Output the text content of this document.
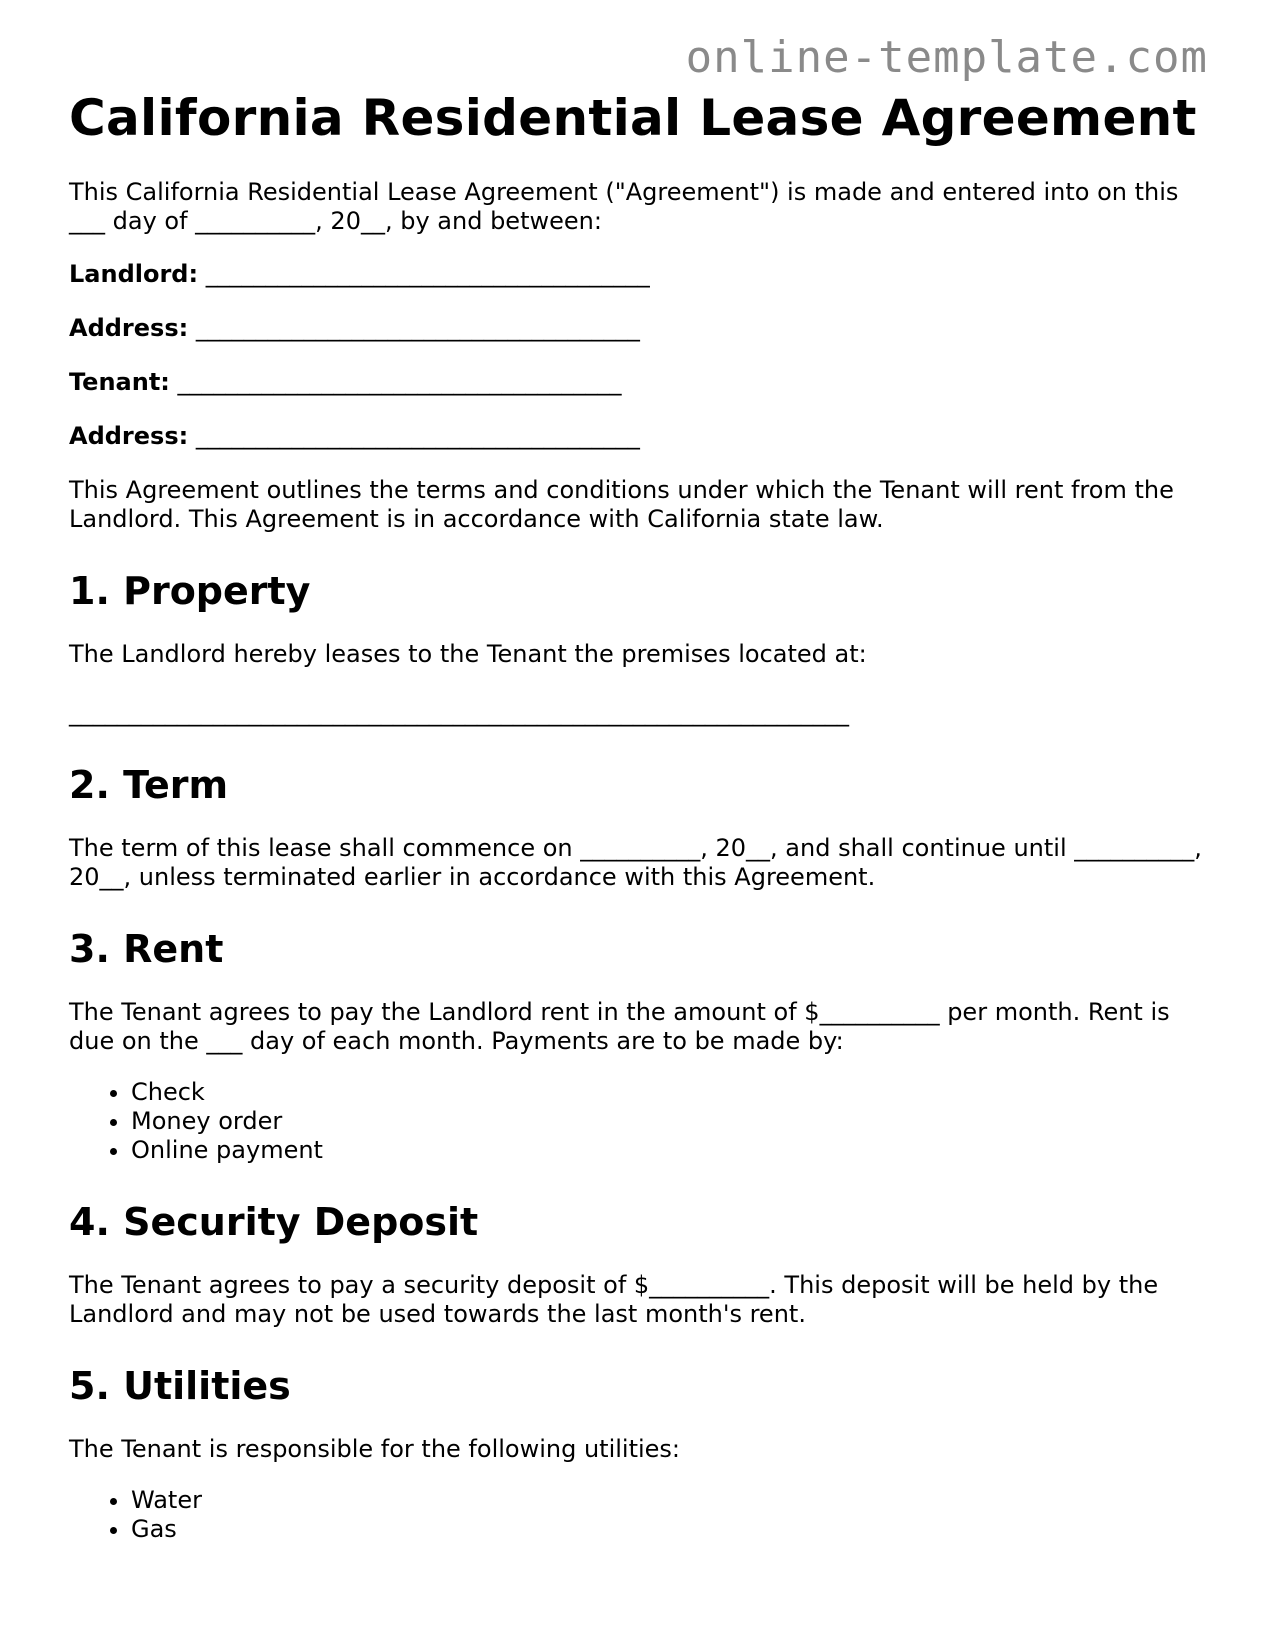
online-template.com
California Residential Lease Agreement

This California Residential Lease Agreement ("Agreement") is made and entered into on this ___ day of __________, 20__, by and between:

Landlord: _____________________________________
Address: _____________________________________
Tenant: _____________________________________
Address: _____________________________________

This Agreement outlines the terms and conditions under which the Tenant will rent from the Landlord. This Agreement is in accordance with California state law.

1. Property

The Landlord hereby leases to the Tenant the premises located at:

_________________________________________________________________

2. Term

The term of this lease shall commence on __________, 20__, and shall continue until __________, 20__, unless terminated earlier in accordance with this Agreement.

3. Rent

The Tenant agrees to pay the Landlord rent in the amount of $__________ per month. Rent is due on the ___ day of each month. Payments are to be made by:

• Check
• Money order
• Online payment
4. Security Deposit

The Tenant agrees to pay a security deposit of $__________. This deposit will be held by the Landlord and may not be used towards the last month's rent.

5. Utilities

The Tenant is responsible for the following utilities:

• Water
• Gas
